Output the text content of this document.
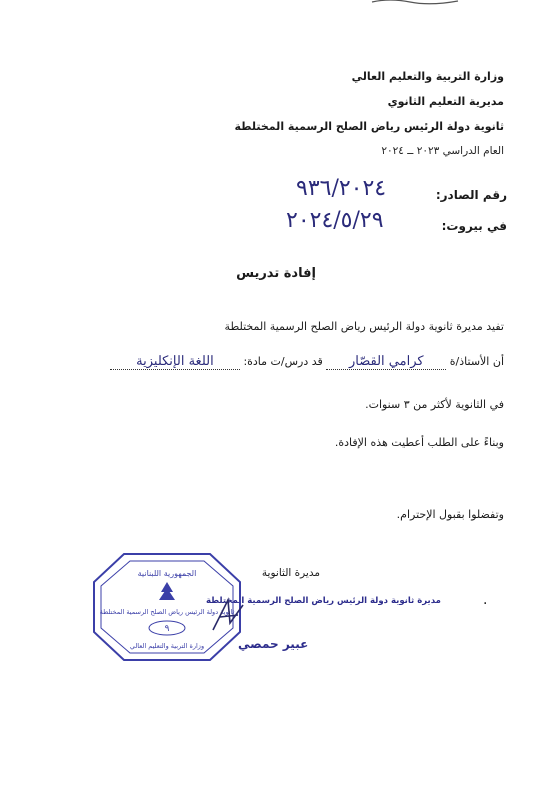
وزارة التربية والتعليم العالي
مديرية التعليم الثانوي
ثانوية دولة الرئيس رياض الصلح الرسمية المختلطة
العام الدراسي ٢٠٢٣ ــ ٢٠٢٤
رقم الصادر:
٩٣٦/٢٠٢٤
في بيروت:
٢٠٢٤/٥/٢٩
إفادة تدريس
تفيد مديرة ثانوية دولة الرئيس رياض الصلح الرسمية المختلطة
أن الأستاذ/ة كرامي القصّار قد درس/ت مادة: اللغة الإنكليزية
في الثانوية لأكثر من ٣ سنوات.
وبناءً على الطلب أعطيت هذه الإفادة.
وتفضلوا بقبول الإحترام.
مديرة الثانوية
مديرة ثانوية دولة الرئيس رياض الصلح الرسمية المختلطة	.
الجمهورية اللبنانية
ثانوية دولة الرئيس رياض الصلح الرسمية المختلطة
٩
وزارة التربية والتعليم العالي	عبير حمصي
